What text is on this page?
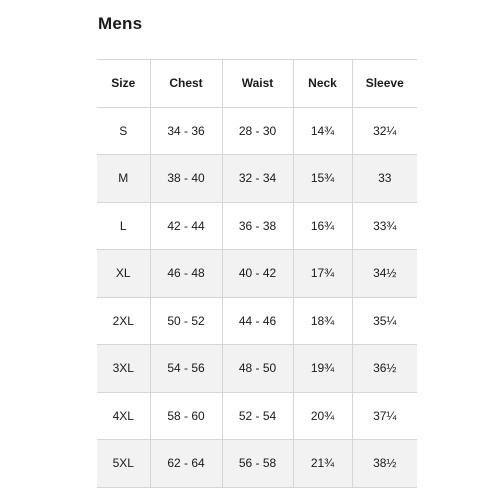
Mens
Size	Chest	Waist	Neck	Sleeve
S	34 - 36	28 - 30	14¾	32¼
M	38 - 40	32 - 34	15¾	33
L	42 - 44	36 - 38	16¾	33¾
XL	46 - 48	40 - 42	17¾	34½
2XL	50 - 52	44 - 46	18¾	35¼
3XL	54 - 56	48 - 50	19¾	36½
4XL	58 - 60	52 - 54	20¾	37¼
5XL	62 - 64	56 - 58	21¾	38½
